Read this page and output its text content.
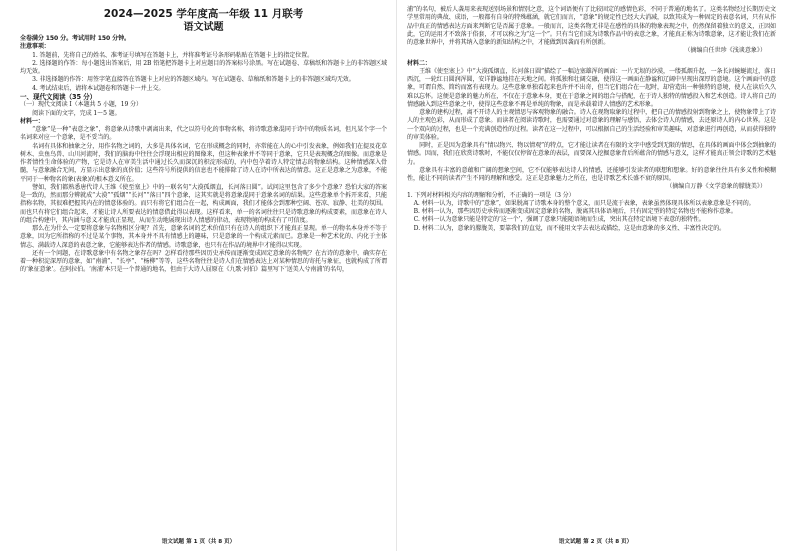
2024—2025 学年度高一年级 11 月联考

语文试题

全卷满分 150 分。考试用时 150 分钟。

注意事项：

1. 答题前，先将自己的姓名、准考证号填写在答题卡上，并将准考证号条形码粘贴在答题卡上的指定位置。

2. 选择题的作答：每小题选出答案后，用 2B 铅笔把答题卡上对应题目的答案标号涂黑。写在试题卷、草稿纸和答题卡上的非答题区域均无效。

3. 非选择题的作答：用签字笔直接答在答题卡上对应的答题区域内。写在试题卷、草稿纸和答题卡上的非答题区域均无效。

4. 考试结束后，请将本试题卷和答题卡一并上交。

一、现代文阅读（35 分）

（一）现代文阅读 Ⅰ（本题共 5 小题，19 分）

阅读下面的文字，完成 1～5 题。

材料一：

“意象”是一种“表意之象”，将意象从诗歌中剥离出来，代之以符号化的事物名称，将诗歌意象混同于诗中的物质名词，但凡某个字一个名词来对应一个意象，是不妥当的。

名词有具体和抽象之分，用作名物之词的，大多是具体名词，它在形成概念的同时，亦常能在人的心中引发表象，例如我们在提及花草树木、虫鱼鸟兽、山川河流时，我们的脑海中往往会浮现出相应的图像来，但这种表象并不等同于意象，它只是表现概念的图像。而意象是作者情性生命体验的产物，它是诗人在审美生活中通过长久而深沉的积淀形成的，内中包孕着诗人特定情志的物象结构。这种情感深入骨髓，与意象融合无间，方显示出意象的真价值；这些符号所提供的信息也不能排除了诗人在诗中所表达的情意。这正是意象之为意象，不能平同于一种物名的象(表象)的根本意义所在。

譬如，我们都熟悉唐代诗人王维《使至塞上》中的一联名句“大漠孤烟直，长河落日圆”。试问这里包含了多少个意象？恐怕大家的答案是一致的，然而那分辨就成“大漠”“孤烟”“长河”“落日”四个意象，这其实就是将意象混同于意象名词的结果。这些意象单个拆开来看，只能指称名物，其很难把握其内在的情意体验的。而只有将它们组合在一起，构成画面，我们才能体会到那种空阔、苍凉、寂静、壮美的氛围。而也只有将它们组合起来，才能让诗人所要表达的情意借此得以表现。这样看来，单一的名词往往只是诗歌意象的构成要素，而意象在诗人的组合构建中，其内涵与意义才能真正显现，从而生动地展现出诗人情感的律动，表现物境的构成有了可信度。

那么在为什么一定要将意象与名物相区分呢？首先，意象名词的艺术价值只有在诗人的组织下才能真正显现。单一的物名本身并不等于意象，因为它所指称的不过是某个事物，其本身并不具有情感上的趣味，只是意象的一个构成元素而已。意象是一种艺术化的、内化于主体情志、满载诗人深意的表意之象，它能够表达作者的情感。诗歌意象，也只有在作品的境界中才能得以实现。

还有一个问题，在诗歌意象中有名物之象存在吗？怎样看待那些因历史承传而逐渐变成固定意象的名物呢？在古诗的意象中，确实存在着一种积淀深厚的意象，如“南浦”、“长亭”、“杨柳”等等，这些名物往往是诗人们在情感表达上对某种情思的寄托与象征，也就构成了所谓的‘象征意象’。在阿拉伯。‘南浦’本只是一个普通的地名，但由于大诗人屈原在《九歌·河伯》篇里写下‘送美人兮南浦’的名句，

语文试题 第 1 页（共 8 页）

浦”的名句，被后人袭用来表现送别场景和情别之意，这个词语便有了比较固定的感情色彩，不同于普通的地名了。这类名物经过长期历史文学里常用的典故、成语，一般都有自身的特殊蕴涵，就它们而言，“意象”的规定性已经大大消减，以致其成为一种固定的表意名词，只有从作品中真正的情感表达方面来判断它是否属于意象。一般而言，这类名物无非是在感性的具体的物象表现之中，仍然保留着独立的意义，正因如此，它的运用才不致落于俗套，才可以称之为“这一个”。只有当它们成为诗歌作品中的表意之象，才能真正称为诗歌意象，这才能让我们在新的意象世界中，并将其纳入意象的新知结构之中，才能做到因袭而有所创新。

（摘编自任世珍《浅谈意象》）

材料二：

王维《使至塞上》中“大漠孤烟直，长河落日圆”描绘了一幅边塞雄浑的画面：一片无垠的沙漠，一缕孤烟升起，一条长河蜿蜒流过，落日西沉，一轮红日圆润浑圆，安详静谧地挂在天地之间。将孤独和壮阔交融，使得这一画面在静谧和辽阔中呈现出深厚的意境。这个画面中的意象，可谓自然、简约而富有表现力。这些意象单独看起来也许并不出奇，但当它们组合在一起时，却营造出一种独特的意境，使人在读后久久难以忘怀。这便是意象的魅力所在，不仅在于意象本身，更在于意象之间的组合与搭配，在于诗人独特的情感投入和艺术创造。诗人将自己的情感融入到这些意象之中，使得这些意象不再是单纯的物象，而是承载着诗人情感的艺术形象。

意象的建构过程，离不开诗人的主观情思与客观物象的融合。诗人在观物取象的过程中，把自己的情感投射到物象之上，使物象带上了诗人的主观色彩，从而形成了意象。而读者在阅读诗歌时，也需要通过对意象的理解与感悟，去体会诗人的情感，去还原诗人的内心世界。这是一个双向的过程，也是一个充满创造性的过程。读者在这一过程中，可以根据自己的生活经验和审美趣味，对意象进行再创造，从而获得独特的审美体验。

同时，正是因为意象具有“情以物兴、物以情观”的特点，它才能让读者在有限的文字中感受到无限的情思，在具体的画面中体会到抽象的情感。因而，我们在欣赏诗歌时，不能仅仅停留在意象的表层，而要深入挖掘意象背后所蕴含的情感与意义，这样才能真正领会诗歌的艺术魅力。

意象具有丰富的意蕴和广阔的想象空间，它不仅能够表达诗人的情感，还能够引发读者的联想和想象。好的意象往往具有多义性和模糊性，能让不同的读者产生不同的理解和感受。这正是意象魅力之所在，也是诗歌艺术长盛不衰的原因。

（摘编自万静《文学意象的朦胧美》）

1. 下列对材料相关内容的理解和分析，不正确的一项是（3 分）

A. 材料一认为，诗歌中的“意象”，如果脱离了诗歌本身的整个意义，而只是流于表象，表象虽然体现具体所以表象意象是不同的。

B. 材料一认为，那些因历史承传而逐渐变成固定意象的名物，脱离其具体语境后，只有固定型的特定名物也不能称作意象。

C. 材料一认为意象只能是特定的‘这一个’，强调了意象只能随语境而生成，突出其在特定语境下表意的独特性。

D. 材料二认为，意象的朦胧美，要靠我们的直觉，而不能用文字去表达或描绘，这是由意象的多义性、丰富性决定的。

语文试题 第 2 页（共 8 页）
